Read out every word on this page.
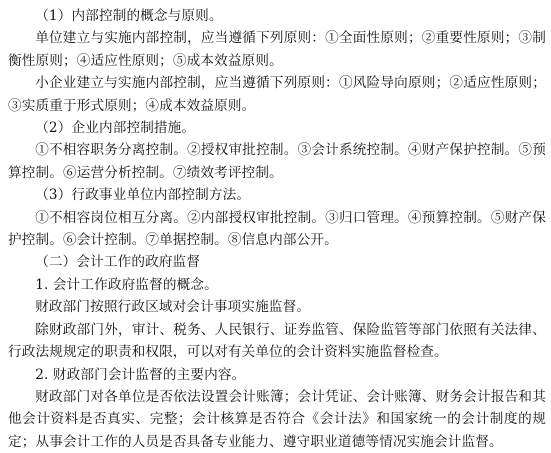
（1）内部控制的概念与原则。

单位建立与实施内部控制，应当遵循下列原则：①全面性原则；②重要性原则；③制衡性原则；④适应性原则；⑤成本效益原则。

小企业建立与实施内部控制，应当遵循下列原则：①风险导向原则；②适应性原则；③实质重于形式原则；④成本效益原则。

（2）企业内部控制措施。

①不相容职务分离控制。②授权审批控制。③会计系统控制。④财产保护控制。⑤预算控制。⑥运营分析控制。⑦绩效考评控制。

（3）行政事业单位内部控制方法。

①不相容岗位相互分离。②内部授权审批控制。③归口管理。④预算控制。⑤财产保护控制。⑥会计控制。⑦单据控制。⑧信息内部公开。

（二）会计工作的政府监督

1. 会计工作政府监督的概念。

财政部门按照行政区域对会计事项实施监督。

除财政部门外，审计、税务、人民银行、证券监管、保险监管等部门依照有关法律、行政法规规定的职责和权限，可以对有关单位的会计资料实施监督检查。

2. 财政部门会计监督的主要内容。

财政部门对各单位是否依法设置会计账簿；会计凭证、会计账簿、财务会计报告和其他会计资料是否真实、完整；会计核算是否符合《会计法》和国家统一的会计制度的规定；从事会计工作的人员是否具备专业能力、遵守职业道德等情况实施会计监督。
